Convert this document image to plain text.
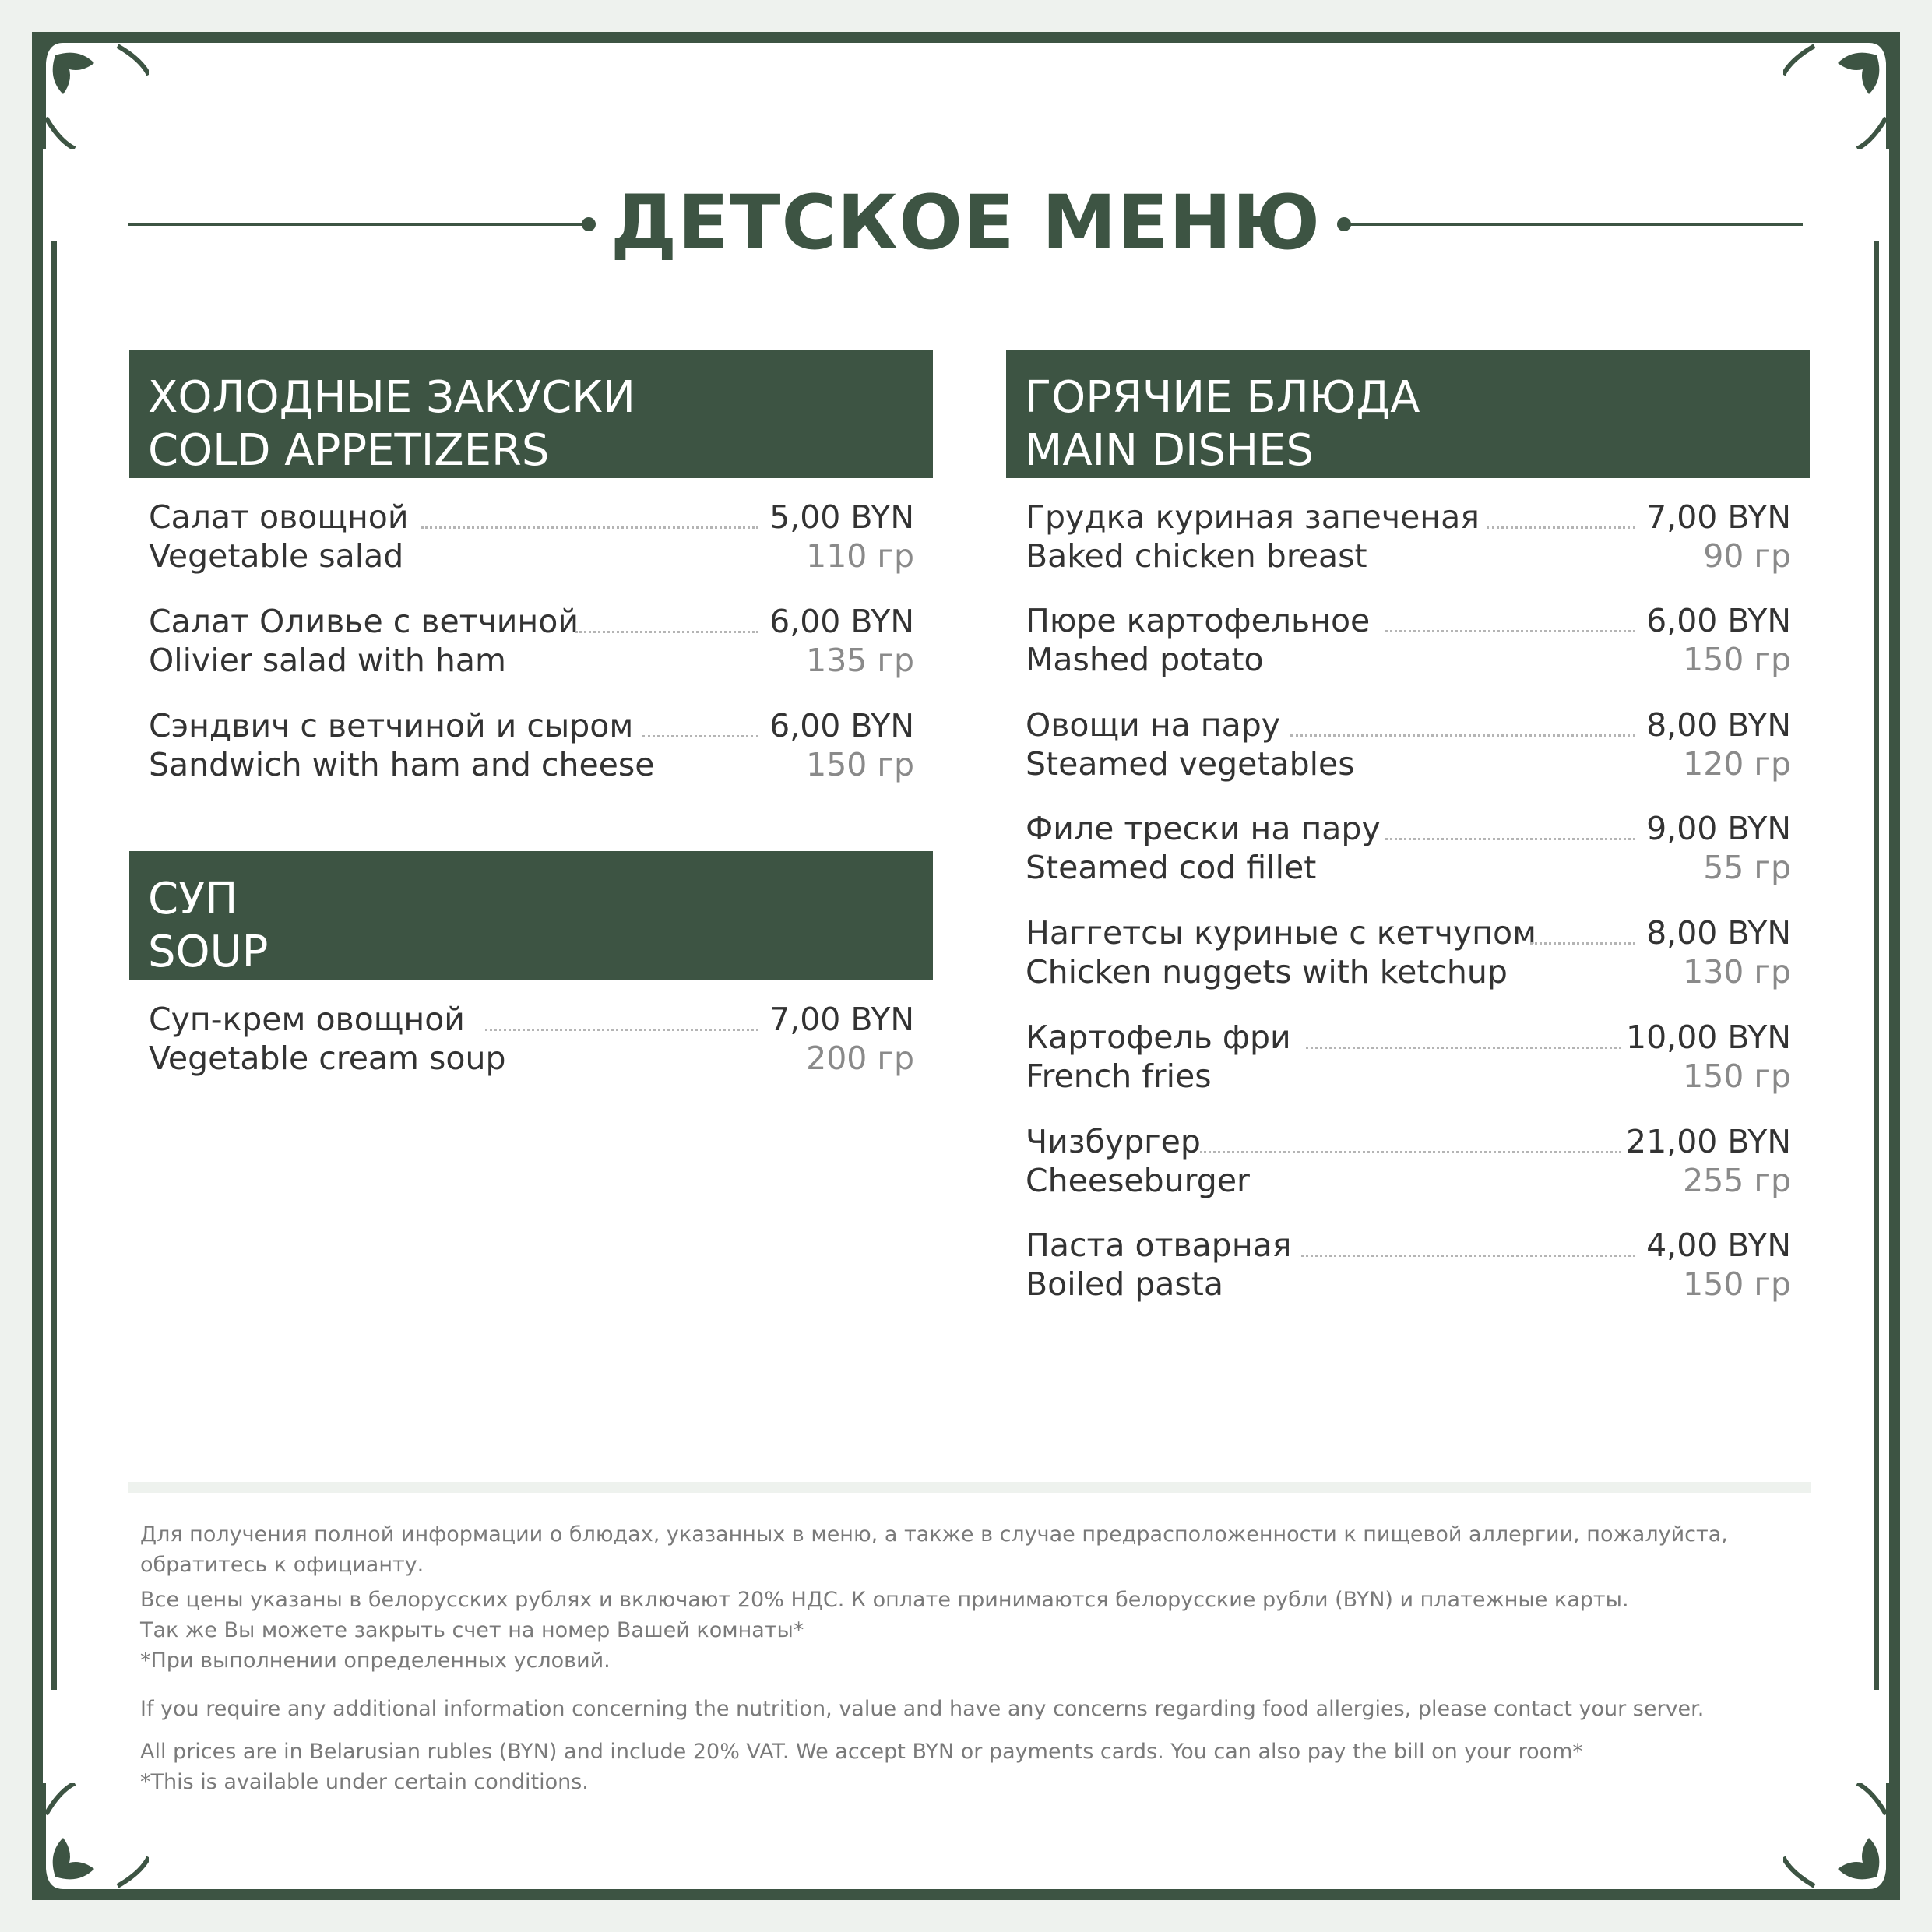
ДЕТСКОЕ МЕНЮ
ХОЛОДНЫЕ ЗАКУСКИ
COLD APPETIZERS
Салат овощной	5,00 BYN
Vegetable salad	110 гр
Салат Оливье с ветчиной	6,00 BYN
Olivier salad with ham	135 гр
Сэндвич с ветчиной и сыром	6,00 BYN
Sandwich with ham and cheese	150 гр
СУП
SOUP
Суп-крем овощной	7,00 BYN
Vegetable cream soup	200 гр
ГОРЯЧИЕ БЛЮДА
MAIN DISHES
Грудка куриная запеченая	7,00 BYN
Baked chicken breast	90 гр
Пюре картофельное	6,00 BYN
Mashed potato	150 гр
Овощи на пару	8,00 BYN
Steamed vegetables	120 гр
Филе трески на пару	9,00 BYN
Steamed cod fillet	55 гр
Наггетсы куриные с кетчупом	8,00 BYN
Chicken nuggets with ketchup	130 гр
Картофель фри	10,00 BYN
French fries	150 гр
Чизбургер	21,00 BYN
Cheeseburger	255 гр
Паста отварная	4,00 BYN
Boiled pasta	150 гр
Для получения полной информации о блюдах, указанных в меню, а также в случае предрасположенности к пищевой аллергии, пожалуйста, обратитесь к официанту.
Все цены указаны в белорусских рублях и включают 20% НДС. К оплате принимаются белорусские рубли (BYN) и платежные карты.
Так же Вы можете закрыть счет на номер Вашей комнаты*
*При выполнении определенных условий.
If you require any additional information concerning the nutrition, value and have any concerns regarding food allergies, please contact your server.
All prices are in Belarusian rubles (BYN) and include 20% VAT. We accept BYN or payments cards. You can also pay the bill on your room*
*This is available under certain conditions.
